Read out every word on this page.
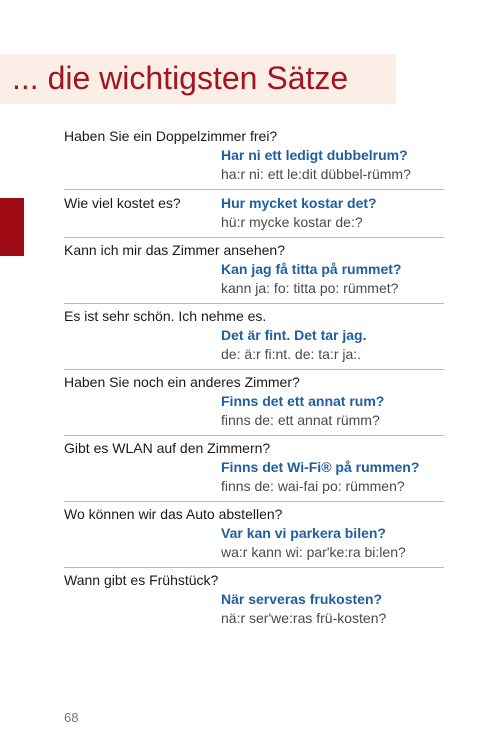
... die wichtigsten Sätze
Haben Sie ein Doppelzimmer frei?
Har ni ett ledigt dubbelrum?
ha:r ni: ett le:dit dübbel-rümm?
Wie viel kostet es?	Hur mycket kostar det?
hü:r mycke kostar de:?
Kann ich mir das Zimmer ansehen?
Kan jag få titta på rummet?
kann ja: fo: titta po: rümmet?
Es ist sehr schön. Ich nehme es.
Det är fint. Det tar jag.
de: ä:r fi:nt. de: ta:r ja:.
Haben Sie noch ein anderes Zimmer?
Finns det ett annat rum?
finns de: ett annat rümm?
Gibt es WLAN auf den Zimmern?
Finns det Wi-Fi® på rummen?
finns de: wai-fai po: rümmen?
Wo können wir das Auto abstellen?
Var kan vi parkera bilen?
wa:r kann wi: par'ke:ra bi:len?
Wann gibt es Frühstück?
När serveras frukosten?
nä:r ser'we:ras frü-kosten?
68
